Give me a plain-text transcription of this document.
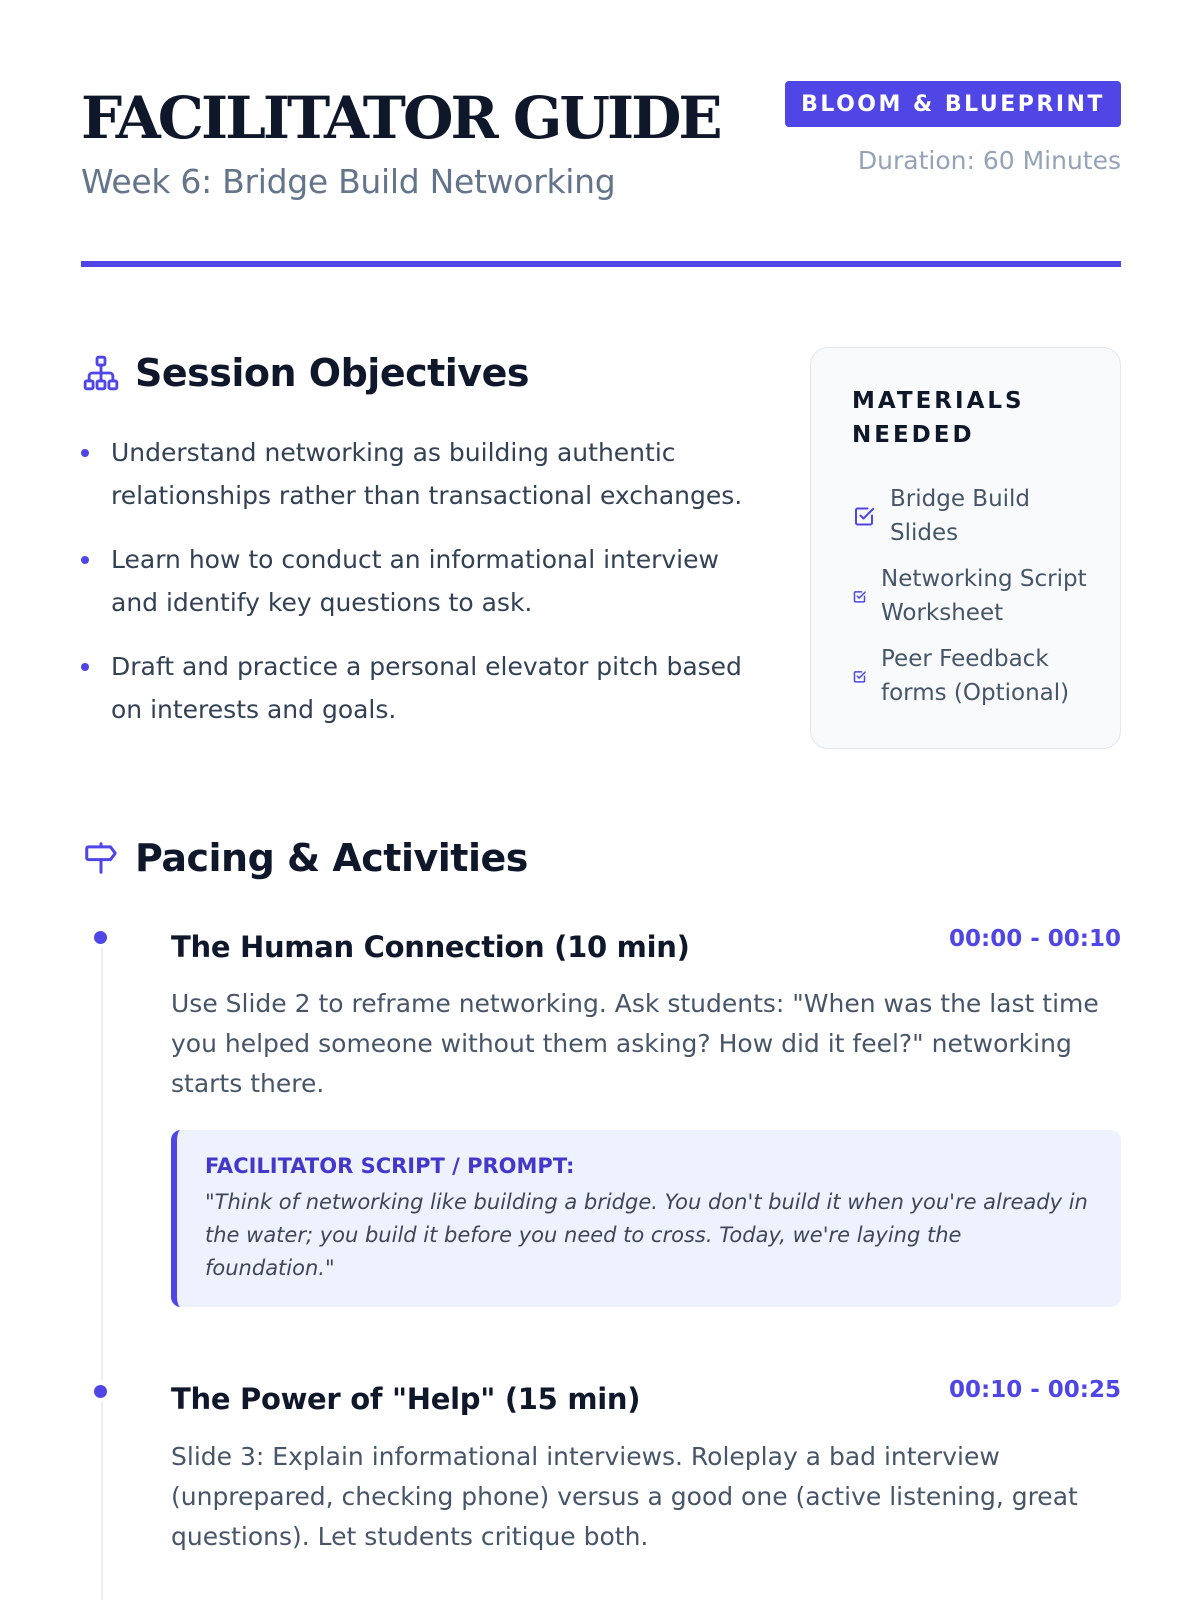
FACILITATOR GUIDE
Week 6: Bridge Build Networking
BLOOM & BLUEPRINT
Duration: 60 Minutes
Session Objectives
Understand networking as building authentic relationships rather than transactional exchanges.
Learn how to conduct an informational interview and identify key questions to ask.
Draft and practice a personal elevator pitch based on interests and goals.
MATERIALS NEEDED
Bridge Build Slides
Networking Script Worksheet
Peer Feedback forms (Optional)
Pacing & Activities
The Human Connection (10 min)	00:00 - 00:10
Use Slide 2 to reframe networking. Ask students: "When was the last time you helped someone without them asking? How did it feel?" networking starts there.
FACILITATOR SCRIPT / PROMPT:
"Think of networking like building a bridge. You don't build it when you're already in the water; you build it before you need to cross. Today, we're laying the foundation."
The Power of "Help" (15 min)	00:10 - 00:25
Slide 3: Explain informational interviews. Roleplay a bad interview (unprepared, checking phone) versus a good one (active listening, great questions). Let students critique both.
